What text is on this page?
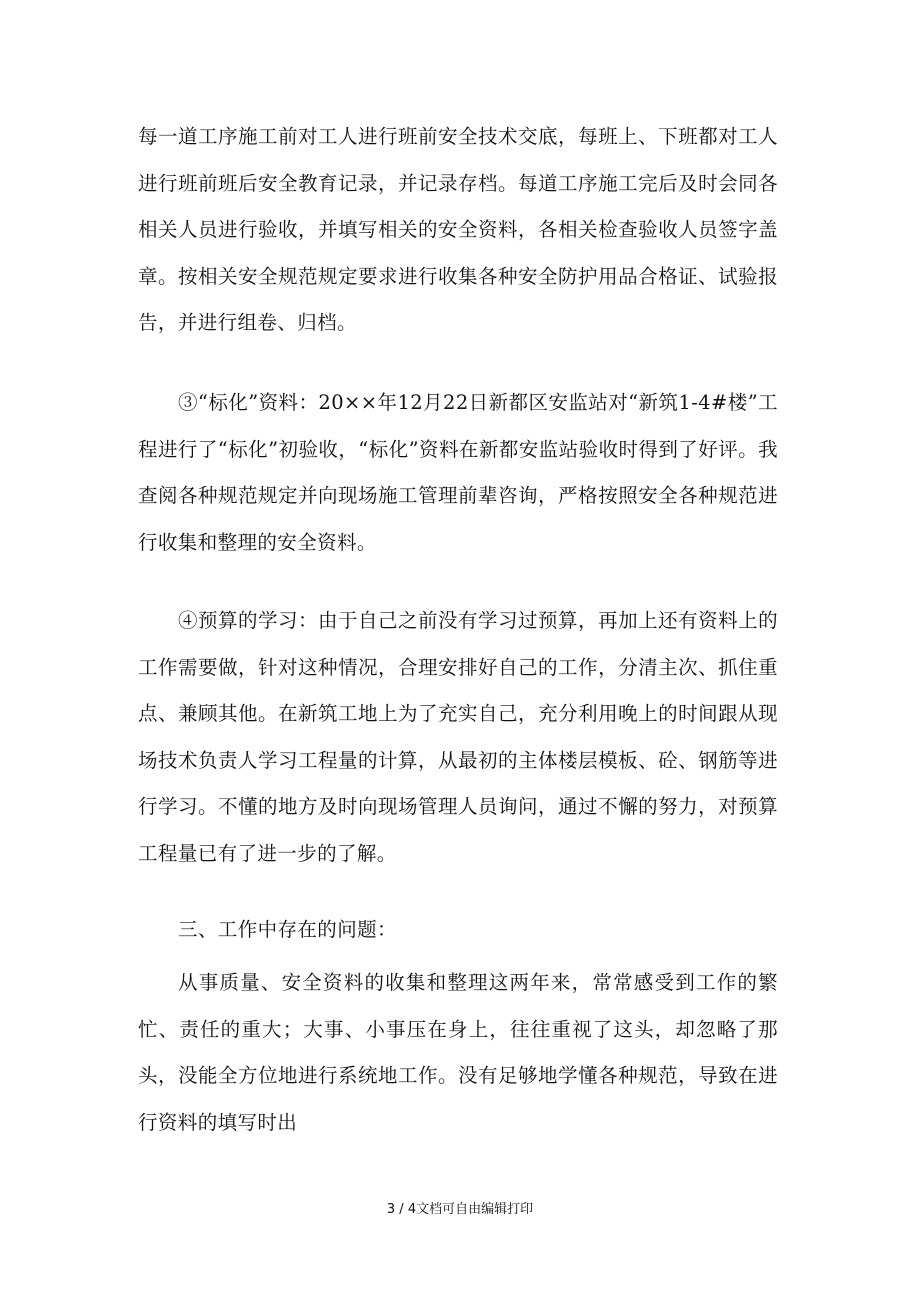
每一道工序施工前对工人进行班前安全技术交底，每班上、下班都对工人进行班前班后安全教育记录，并记录存档。每道工序施工完后及时会同各相关人员进行验收，并填写相关的安全资料，各相关检查验收人员签字盖章。按相关安全规范规定要求进行收集各种安全防护用品合格证、试验报告，并进行组卷、归档。

③“标化”资料：20××年12月22日新都区安监站对“新筑1-4#楼”工程进行了“标化”初验收，“标化”资料在新都安监站验收时得到了好评。我查阅各种规范规定并向现场施工管理前辈咨询，严格按照安全各种规范进行收集和整理的安全资料。

④预算的学习：由于自己之前没有学习过预算，再加上还有资料上的工作需要做，针对这种情况，合理安排好自己的工作，分清主次、抓住重点、兼顾其他。在新筑工地上为了充实自己，充分利用晚上的时间跟从现场技术负责人学习工程量的计算，从最初的主体楼层模板、砼、钢筋等进行学习。不懂的地方及时向现场管理人员询问，通过不懈的努力，对预算工程量已有了进一步的了解。

三、工作中存在的问题：

从事质量、安全资料的收集和整理这两年来，常常感受到工作的繁忙、责任的重大；大事、小事压在身上，往往重视了这头，却忽略了那头，没能全方位地进行系统地工作。没有足够地学懂各种规范，导致在进行资料的填写时出

3 / 4文档可自由编辑打印
